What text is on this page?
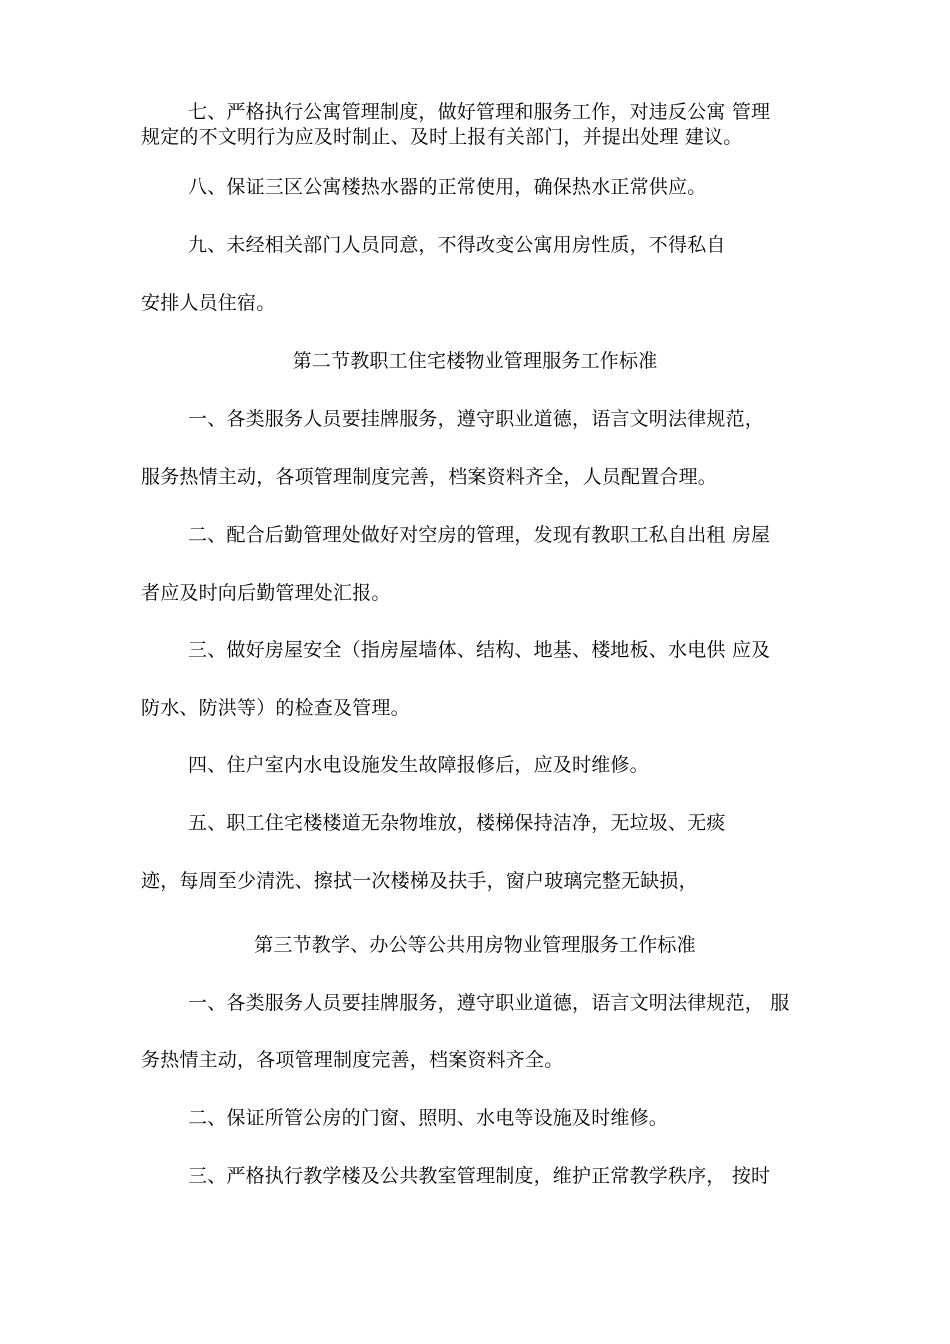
七、严格执行公寓管理制度，做好管理和服务工作，对违反公寓 管理
规定的不文明行为应及时制止、及时上报有关部门，并提出处理 建议。
八、保证三区公寓楼热水器的正常使用，确保热水正常供应。
九、未经相关部门人员同意，不得改变公寓用房性质，不得私自
安排人员住宿。
第二节教职工住宅楼物业管理服务工作标准
一、各类服务人员要挂牌服务，遵守职业道德，语言文明法律规范，
服务热情主动，各项管理制度完善，档案资料齐全，人员配置合理。
二、配合后勤管理处做好对空房的管理，发现有教职工私自出租 房屋
者应及时向后勤管理处汇报。
三、做好房屋安全（指房屋墙体、结构、地基、楼地板、水电供 应及
防水、防洪等）的检查及管理。
四、住户室内水电设施发生故障报修后，应及时维修。
五、职工住宅楼楼道无杂物堆放，楼梯保持洁净，无垃圾、无痰
迹，每周至少清洗、擦拭一次楼梯及扶手，窗户玻璃完整无缺损，
第三节教学、办公等公共用房物业管理服务工作标准
一、各类服务人员要挂牌服务，遵守职业道德，语言文明法律规范， 服
务热情主动，各项管理制度完善，档案资料齐全。
二、保证所管公房的门窗、照明、水电等设施及时维修。
三、严格执行教学楼及公共教室管理制度，维护正常教学秩序， 按时
